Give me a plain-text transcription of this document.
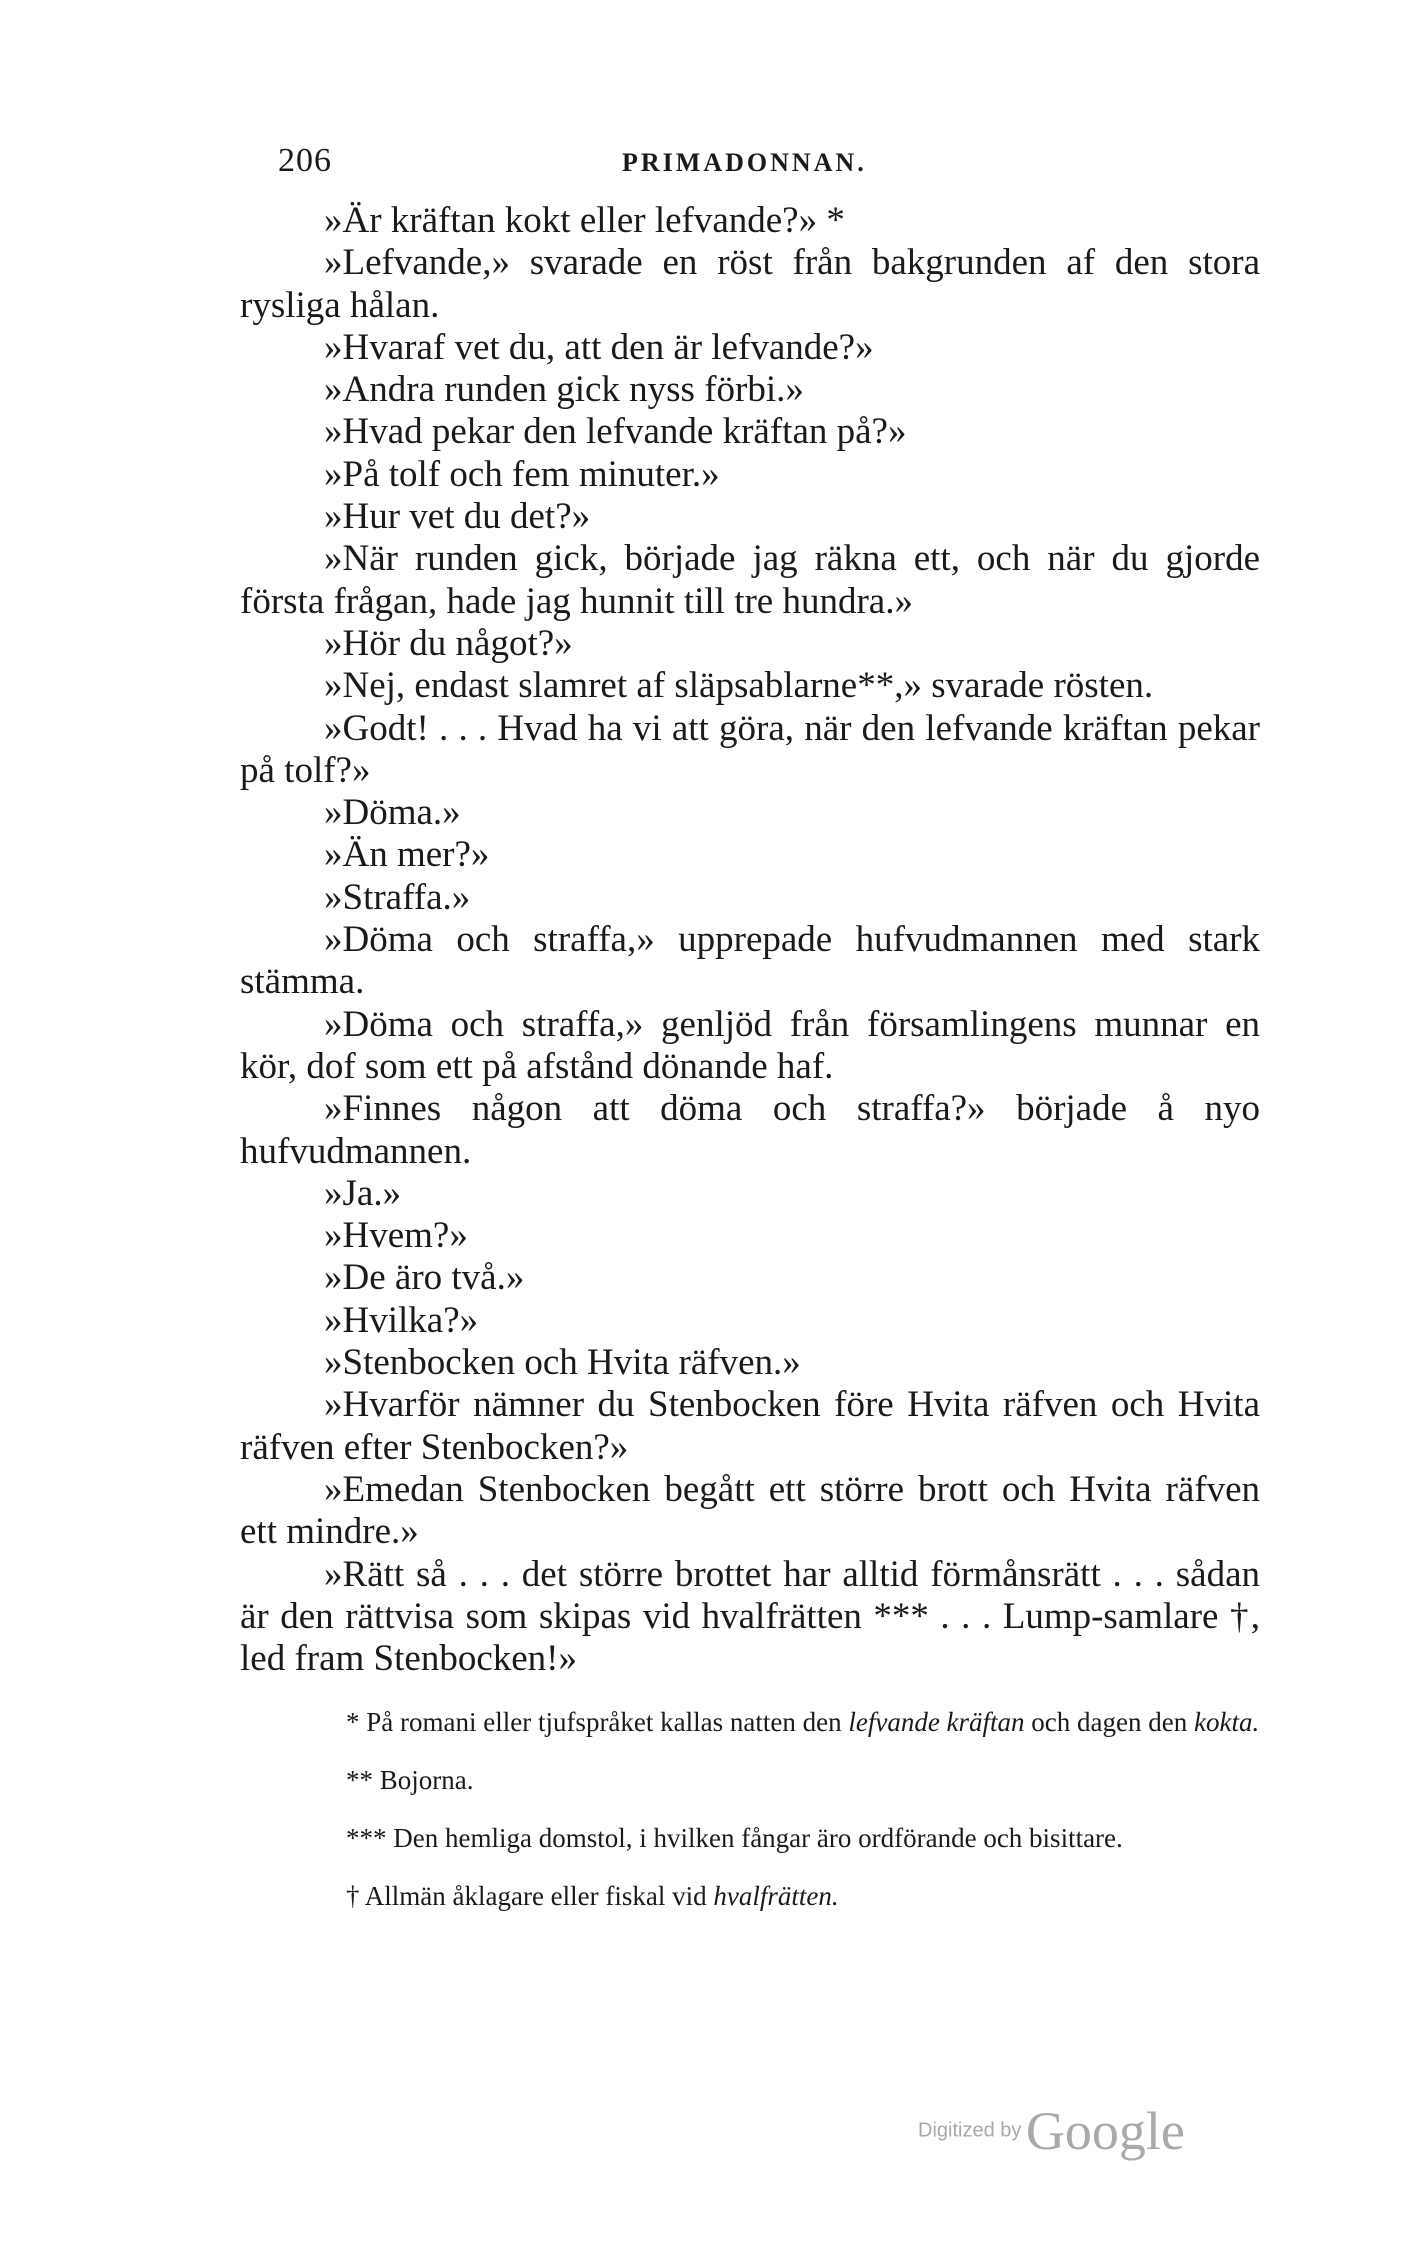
206	PRIMADONNAN.

»Är kräftan kokt eller lefvande?» *

»Lefvande,» svarade en röst från bakgrunden af den stora rysliga hålan.

»Hvaraf vet du, att den är lefvande?»

»Andra runden gick nyss förbi.»

»Hvad pekar den lefvande kräftan på?»

»På tolf och fem minuter.»

»Hur vet du det?»

»När runden gick, började jag räkna ett, och när du gjorde första frågan, hade jag hunnit till tre hundra.»

»Hör du något?»

»Nej, endast slamret af släpsablarne**,» svarade rösten.

»Godt! . . . Hvad ha vi att göra, när den lefvande kräftan pekar på tolf?»

»Döma.»

»Än mer?»

»Straffa.»

»Döma och straffa,» upprepade hufvudmannen med stark stämma.

»Döma och straffa,» genljöd från församlingens munnar en kör, dof som ett på afstånd dönande haf.

»Finnes någon att döma och straffa?» började å nyo hufvudmannen.

»Ja.»

»Hvem?»

»De äro två.»

»Hvilka?»

»Stenbocken och Hvita räfven.»

»Hvarför nämner du Stenbocken före Hvita räfven och Hvita räfven efter Stenbocken?»

»Emedan Stenbocken begått ett större brott och Hvita räfven ett mindre.»

»Rätt så . . . det större brottet har alltid förmånsrätt . . . sådan är den rättvisa som skipas vid hvalfrätten *** . . . Lump-samlare †, led fram Stenbocken!»

* På romani eller tjufspråket kallas natten den lefvande kräftan och dagen den kokta.

** Bojorna.

*** Den hemliga domstol, i hvilken fångar äro ordförande och bisittare.

† Allmän åklagare eller fiskal vid hvalfrätten.

Digitized by Google
